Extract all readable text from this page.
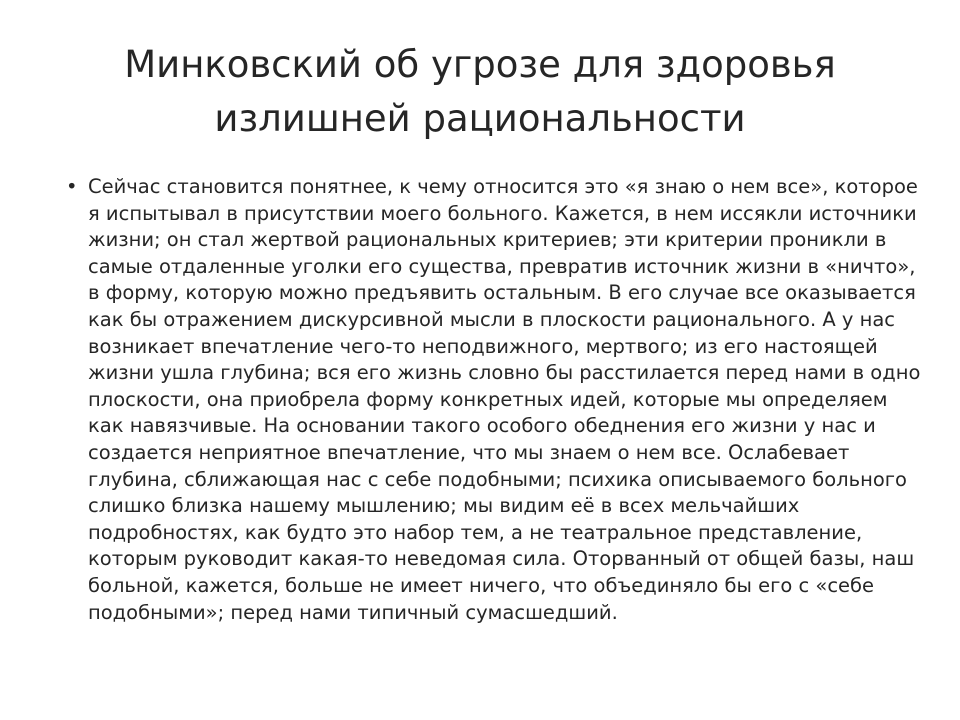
Минковский об угрозе для здоровья
излишней рациональности
• Сейчас становится понятнее, к чему относится это «я знаю о нем все», которое
я испытывал в присутствии моего больного. Кажется, в нем иссякли источники
жизни; он стал жертвой рациональных критериев; эти критерии проникли в
самые отдаленные уголки его существа, превратив источник жизни в «ничто»,
в форму, которую можно предъявить остальным. В его случае все оказывается
как бы отражением дискурсивной мысли в плоскости рационального. А у нас
возникает впечатление чего-то неподвижного, мертвого; из его настоящей
жизни ушла глубина; вся его жизнь словно бы расстилается перед нами в одно
плоскости, она приобрела форму конкретных идей, которые мы определяем
как навязчивые. На основании такого особого обеднения его жизни у нас и
создается неприятное впечатление, что мы знаем о нем все. Ослабевает
глубина, сближающая нас с себе подобными; психика описываемого больного
слишко близка нашему мышлению; мы видим её в всех мельчайших
подробностях, как будто это набор тем, а не театральное представление,
которым руководит какая-то неведомая сила. Оторванный от общей базы, наш
больной, кажется, больше не имеет ничего, что объединяло бы его с «себе
подобными»; перед нами типичный сумасшедший.
